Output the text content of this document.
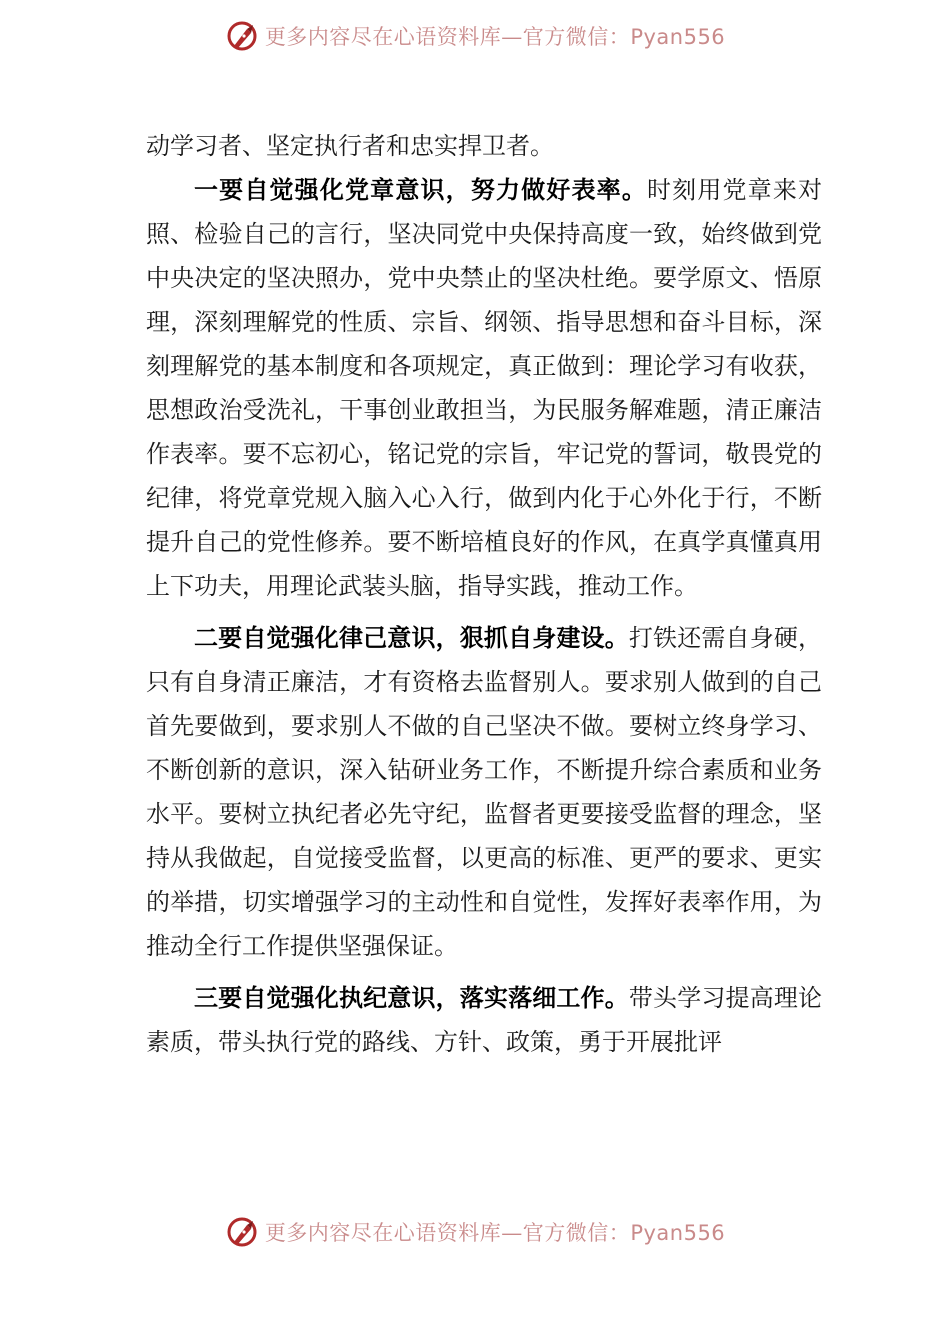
更多内容尽在心语资料库—官方微信：Pyan556

动学习者、坚定执行者和忠实捍卫者。

一要自觉强化党章意识，努力做好表率。时刻用党章来对照、检验自己的言行，坚决同党中央保持高度一致，始终做到党中央决定的坚决照办，党中央禁止的坚决杜绝。要学原文、悟原理，深刻理解党的性质、宗旨、纲领、指导思想和奋斗目标，深刻理解党的基本制度和各项规定，真正做到：理论学习有收获，思想政治受洗礼，干事创业敢担当，为民服务解难题，清正廉洁作表率。要不忘初心，铭记党的宗旨，牢记党的誓词，敬畏党的纪律，将党章党规入脑入心入行，做到内化于心外化于行，不断提升自己的党性修养。要不断培植良好的作风，在真学真懂真用上下功夫，用理论武装头脑，指导实践，推动工作。

二要自觉强化律己意识，狠抓自身建设。打铁还需自身硬，只有自身清正廉洁，才有资格去监督别人。要求别人做到的自己首先要做到，要求别人不做的自己坚决不做。要树立终身学习、不断创新的意识，深入钻研业务工作，不断提升综合素质和业务水平。要树立执纪者必先守纪，监督者更要接受监督的理念，坚持从我做起，自觉接受监督，以更高的标准、更严的要求、更实的举措，切实增强学习的主动性和自觉性，发挥好表率作用，为推动全行工作提供坚强保证。

三要自觉强化执纪意识，落实落细工作。带头学习提高理论素质，带头执行党的路线、方针、政策，勇于开展批评

更多内容尽在心语资料库—官方微信：Pyan556
